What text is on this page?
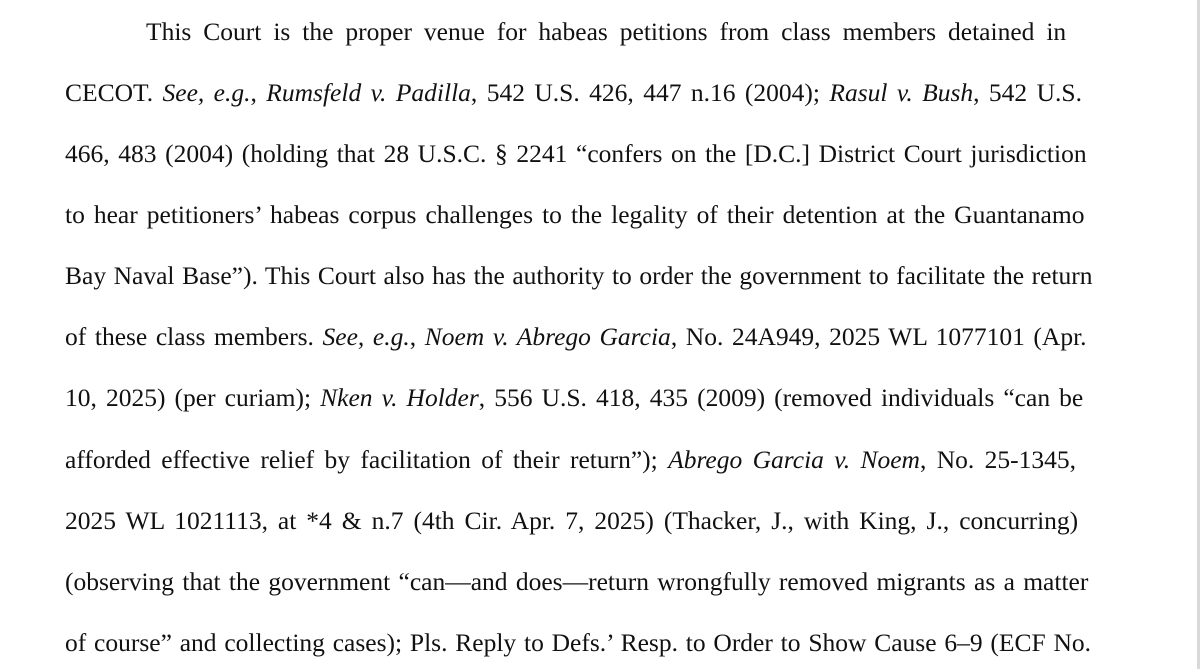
This Court is the proper venue for habeas petitions from class members detained in
CECOT. See, e.g., Rumsfeld v. Padilla, 542 U.S. 426, 447 n.16 (2004); Rasul v. Bush, 542 U.S.
466, 483 (2004) (holding that 28 U.S.C. § 2241 “confers on the [D.C.] District Court jurisdiction
to hear petitioners’ habeas corpus challenges to the legality of their detention at the Guantanamo
Bay Naval Base”). This Court also has the authority to order the government to facilitate the return
of these class members. See, e.g., Noem v. Abrego Garcia, No. 24A949, 2025 WL 1077101 (Apr.
10, 2025) (per curiam); Nken v. Holder, 556 U.S. 418, 435 (2009) (removed individuals “can be
afforded effective relief by facilitation of their return”); Abrego Garcia v. Noem, No. 25-1345,
2025 WL 1021113, at *4 & n.7 (4th Cir. Apr. 7, 2025) (Thacker, J., with King, J., concurring)
(observing that the government “can—and does—return wrongfully removed migrants as a matter
of course” and collecting cases); Pls. Reply to Defs.’ Resp. to Order to Show Cause 6–9 (ECF No.
